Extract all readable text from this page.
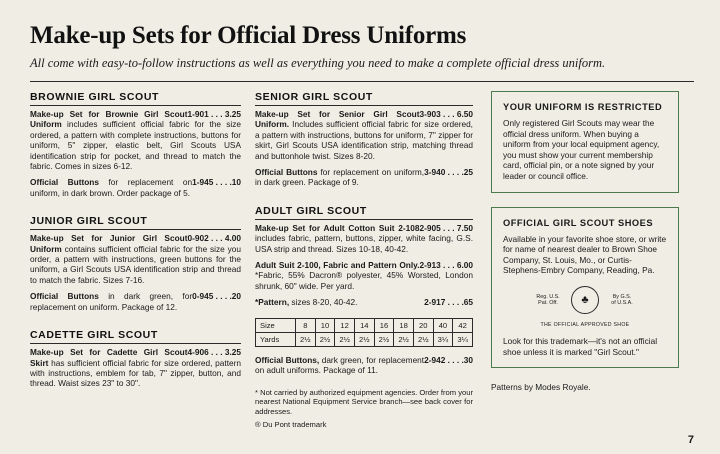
Make-up Sets for Official Dress Uniforms

All come with easy-to-follow instructions as well as everything you need to make a complete official dress uniform.

BROWNIE GIRL SCOUT

1-901 . . . 3.25
Make-up Set for Brownie Girl Scout Uniform includes sufficient official fabric for the size ordered, a pattern with complete instructions, buttons for uniform, 5" zipper, elastic belt, Girl Scouts USA identification strip for pocket, and thread to match the fabric. Comes in sizes 6-12.

1-945 . . . .10
Official Buttons for replacement on uniform, in dark brown. Order package of 5.

JUNIOR GIRL SCOUT

0-902 . . . 4.00
Make-up Set for Junior Girl Scout Uniform contains sufficient official fabric for the size you order, a pattern with instructions, green buttons for the uniform, a Girl Scouts USA identification strip and thread to match the fabric. Sizes 7-16.

0-945 . . . .20
Official Buttons in dark green, for replacement on uniform. Package of 12.

CADETTE GIRL SCOUT

4-906 . . . 3.25
Make-up Set for Cadette Girl Scout Skirt has sufficient official fabric for size ordered, pattern with instructions, emblem for tab, 7" zipper, button, and thread. Waist sizes 23" to 30".

SENIOR GIRL SCOUT

3-903 . . . 6.50
Make-up Set for Senior Girl Scout Uniform. Includes sufficient official fabric for size ordered, a pattern with instructions, buttons for uniform, 7" zipper for skirt, Girl Scouts USA identification strip, matching thread and buttonhole twist. Sizes 8-20.

3-940 . . . .25
Official Buttons for replacement on uniform, in dark green. Package of 9.

ADULT GIRL SCOUT

2-905 . . . 7.50
Make-up Set for Adult Cotton Suit 2-108 includes fabric, pattern, buttons, zipper, white facing, G.S. USA strip and thread. Sizes 10-18, 40-42.

2-913 . . . 6.00
Adult Suit 2-100, Fabric and Pattern Only. *Fabric, 55% Dacron® polyester, 45% Worsted, London shrunk, 60" wide. Per yard.

2-917 . . . .65
*Pattern, sizes 8-20, 40-42.

Size	8	10	12	14	16	18	20	40	42
Yards	2½	2½	2½	2½	2½	2½	2½	3¼	3¼

2-942 . . . .30
Official Buttons, dark green, for replacement on adult uniforms. Package of 11.

* Not carried by authorized equipment agencies. Order from your nearest National Equipment Service branch—see back cover for addresses.

® Du Pont trademark

YOUR UNIFORM IS RESTRICTED

Only registered Girl Scouts may wear the official dress uniform. When buying a uniform from your local equipment agency, you must show your current membership card, official pin, or a note signed by your leader or council office.

OFFICIAL GIRL SCOUT SHOES

Available in your favorite shoe store, or write for name of nearest dealer to Brown Shoe Company, St. Louis, Mo., or Curtis-Stephens-Embry Company, Reading, Pa.

Reg. U.S.
Pat. Off.	♣	By G.S.
of U.S.A.
THE OFFICIAL APPROVED SHOE

Look for this trademark—it's not an official shoe unless it is marked "Girl Scout."

Patterns by Modes Royale.

7
